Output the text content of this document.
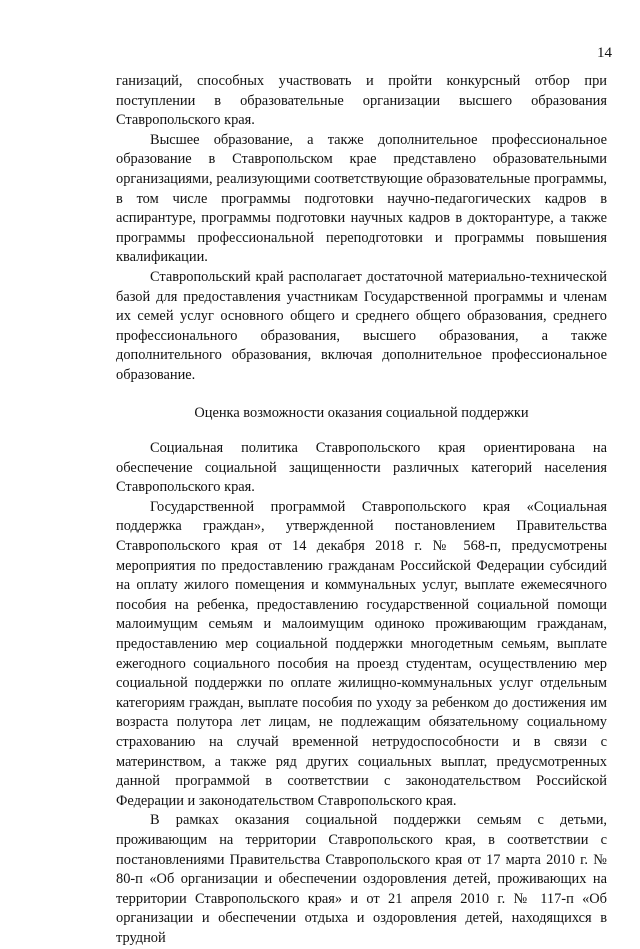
14

ганизаций, способных участвовать и пройти конкурсный отбор при поступлении в образовательные организации высшего образования Ставропольского края.

Высшее образование, а также дополнительное профессиональное образование в Ставропольском крае представлено образовательными организациями, реализующими соответствующие образовательные программы, в том числе программы подготовки научно-педагогических кадров в аспирантуре, программы подготовки научных кадров в докторантуре, а также программы профессиональной переподготовки и программы повышения квалификации.

Ставропольский край располагает достаточной материально-технической базой для предоставления участникам Государственной программы и членам их семей услуг основного общего и среднего общего образования, среднего профессионального образования, высшего образования, а также дополнительного образования, включая дополнительное профессиональное образование.

Оценка возможности оказания социальной поддержки

Социальная политика Ставропольского края ориентирована на обеспечение социальной защищенности различных категорий населения Ставропольского края.

Государственной программой Ставропольского края «Социальная поддержка граждан», утвержденной постановлением Правительства Ставропольского края от 14 декабря 2018 г. № 568-п, предусмотрены мероприятия по предоставлению гражданам Российской Федерации субсидий на оплату жилого помещения и коммунальных услуг, выплате ежемесячного пособия на ребенка, предоставлению государственной социальной помощи малоимущим семьям и малоимущим одиноко проживающим гражданам, предоставлению мер социальной поддержки многодетным семьям, выплате ежегодного социального пособия на проезд студентам, осуществлению мер социальной поддержки по оплате жилищно-коммунальных услуг отдельным категориям граждан, выплате пособия по уходу за ребенком до достижения им возраста полутора лет лицам, не подлежащим обязательному социальному страхованию на случай временной нетрудоспособности и в связи с материнством, а также ряд других социальных выплат, предусмотренных данной программой в соответствии с законодательством Российской Федерации и законодательством Ставропольского края.

В рамках оказания социальной поддержки семьям с детьми, проживающим на территории Ставропольского края, в соответствии с постановлениями Правительства Ставропольского края от 17 марта 2010 г. № 80-п «Об организации и обеспечении оздоровления детей, проживающих на территории Ставропольского края» и от 21 апреля 2010 г. № 117-п «Об организации и обеспечении отдыха и оздоровления детей, находящихся в трудной
